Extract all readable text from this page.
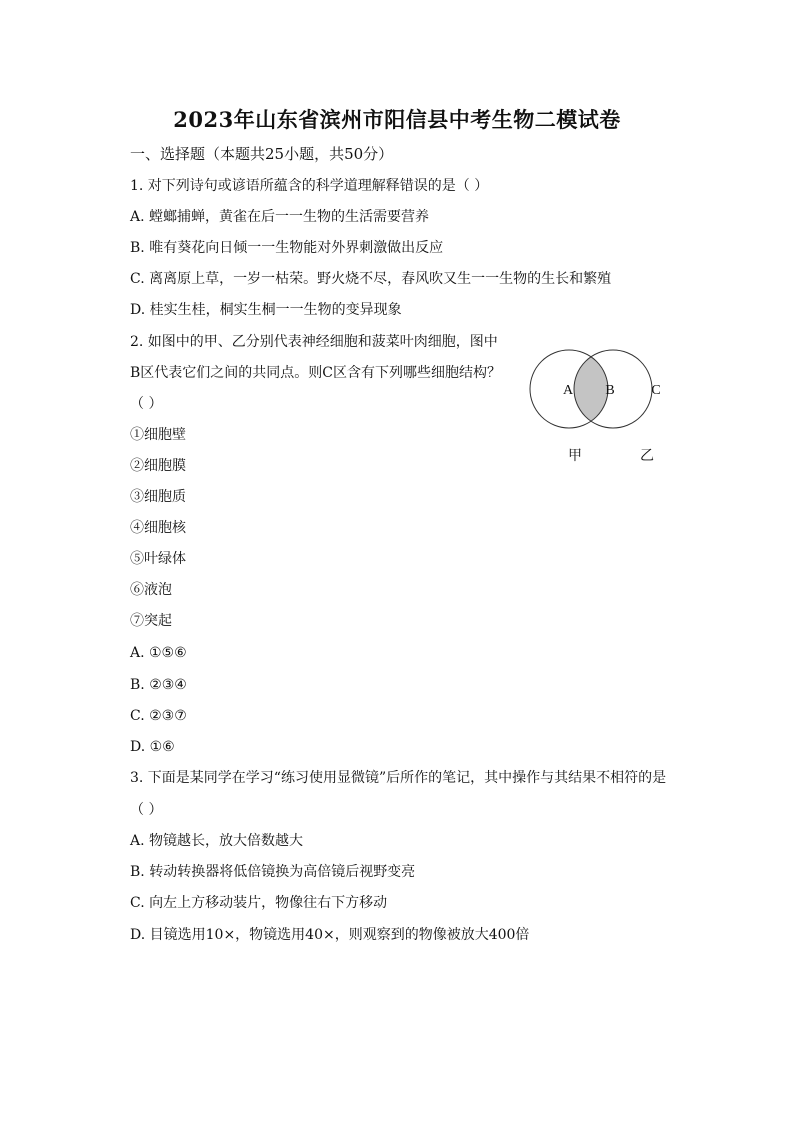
2023年山东省滨州市阳信县中考生物二模试卷
一、选择题（本题共25小题，共50分）
1. 对下列诗句或谚语所蕴含的科学道理解释错误的是（ ）
A. 螳螂捕蝉，黄雀在后一一生物的生活需要营养
B. 唯有葵花向日倾一一生物能对外界刺激做出反应
C. 离离原上草，一岁一枯荣。野火烧不尽，春风吹又生一一生物的生长和繁殖
D. 桂实生桂，桐实生桐一一生物的变异现象
2. 如图中的甲、乙分别代表神经细胞和菠菜叶肉细胞，图中
B区代表它们之间的共同点。则C区含有下列哪些细胞结构？
（ ）
①细胞壁
②细胞膜
③细胞质
④细胞核
⑤叶绿体
⑥液泡
⑦突起
A. ①⑤⑥
B. ②③④
C. ②③⑦
D. ①⑥
A B	C
甲	乙
3. 下面是某同学在学习“练习使用显微镜”后所作的笔记，其中操作与其结果不相符的是
（ ）
A. 物镜越长，放大倍数越大
B. 转动转换器将低倍镜换为高倍镜后视野变亮
C. 向左上方移动装片，物像往右下方移动
D. 目镜选用10×，物镜选用40×，则观察到的物像被放大400倍
